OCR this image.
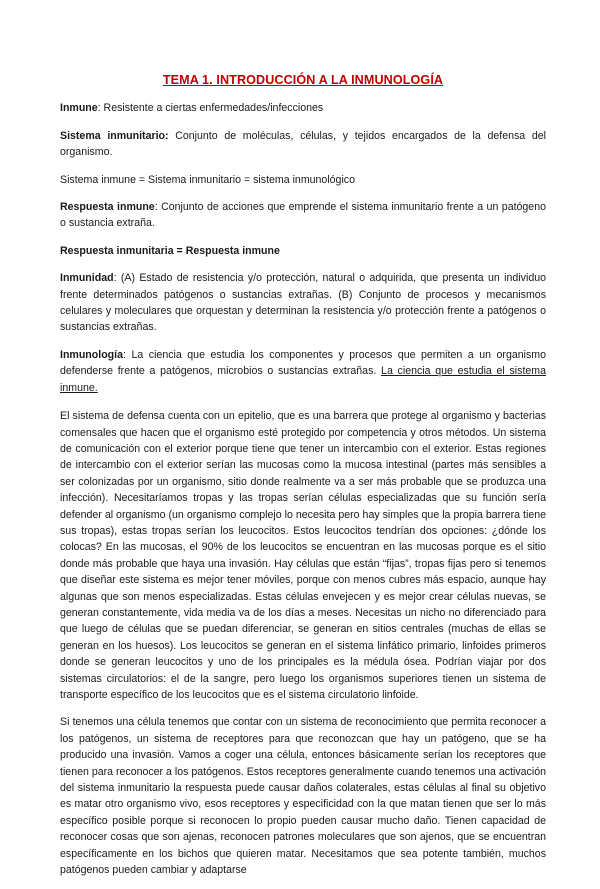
TEMA 1. INTRODUCCIÓN A LA INMUNOLOGÍA

Inmune: Resistente a ciertas enfermedades/infecciones

Sistema inmunitario: Conjunto de moléculas, células, y tejidos encargados de la defensa del organismo.

Sistema inmune = Sistema inmunitario = sistema inmunológico

Respuesta inmune: Conjunto de acciones que emprende el sistema inmunitario frente a un patógeno o sustancia extraña.

Respuesta inmunitaria = Respuesta inmune

Inmunidad: (A) Estado de resistencia y/o protección, natural o adquirida, que presenta un individuo frente determinados patógenos o sustancias extrañas. (B) Conjunto de procesos y mecanismos celulares y moleculares que orquestan y determinan la resistencia y/o protección frente a patógenos o sustancias extrañas.

Inmunología: La ciencia que estudia los componentes y procesos que permiten a un organismo defenderse frente a patógenos, microbios o sustancias extrañas. La ciencia que estudia el sistema inmune.

El sistema de defensa cuenta con un epitelio, que es una barrera que protege al organismo y bacterias comensales que hacen que el organismo esté protegido por competencia y otros métodos. Un sistema de comunicación con el exterior porque tiene que tener un intercambio con el exterior. Estas regiones de intercambio con el exterior serían las mucosas como la mucosa intestinal (partes más sensibles a ser colonizadas por un organismo, sitio donde realmente va a ser más probable que se produzca una infección). Necesitaríamos tropas y las tropas serían células especializadas que su función sería defender al organismo (un organismo complejo lo necesita pero hay simples que la propia barrera tiene sus tropas), estas tropas serían los leucocitos. Estos leucocitos tendrían dos opciones: ¿dónde los colocas? En las mucosas, el 90% de los leucocitos se encuentran en las mucosas porque es el sitio donde más probable que haya una invasión. Hay células que están “fijas”, tropas fijas pero si tenemos que diseñar este sistema es mejor tener móviles, porque con menos cubres más espacio, aunque hay algunas que son menos especializadas. Estas células envejecen y es mejor crear células nuevas, se generan constantemente, vida media va de los días a meses. Necesitas un nicho no diferenciado para que luego de células que se puedan diferenciar, se generan en sitios centrales (muchas de ellas se generan en los huesos). Los leucocitos se generan en el sistema linfático primario, linfoides primeros donde se generan leucocitos y uno de los principales es la médula ósea. Podrían viajar por dos sistemas circulatorios: el de la sangre, pero luego los organismos superiores tienen un sistema de transporte específico de los leucocitos que es el sistema circulatorio linfoide.

Si tenemos una célula tenemos que contar con un sistema de reconocimiento que permita reconocer a los patógenos, un sistema de receptores para que reconozcan que hay un patógeno, que se ha producido una invasión. Vamos a coger una célula, entonces básicamente serían los receptores que tienen para reconocer a los patógenos. Estos receptores generalmente cuando tenemos una activación del sistema inmunitario la respuesta puede causar daños colaterales, estas células al final su objetivo es matar otro organismo vivo, esos receptores y especificidad con la que matan tienen que ser lo más específico posible porque si reconocen lo propio pueden causar mucho daño. Tienen capacidad de reconocer cosas que son ajenas, reconocen patrones moleculares que son ajenos, que se encuentran específicamente en los bichos que quieren matar. Necesitamos que sea potente también, muchos patógenos pueden cambiar y adaptarse
